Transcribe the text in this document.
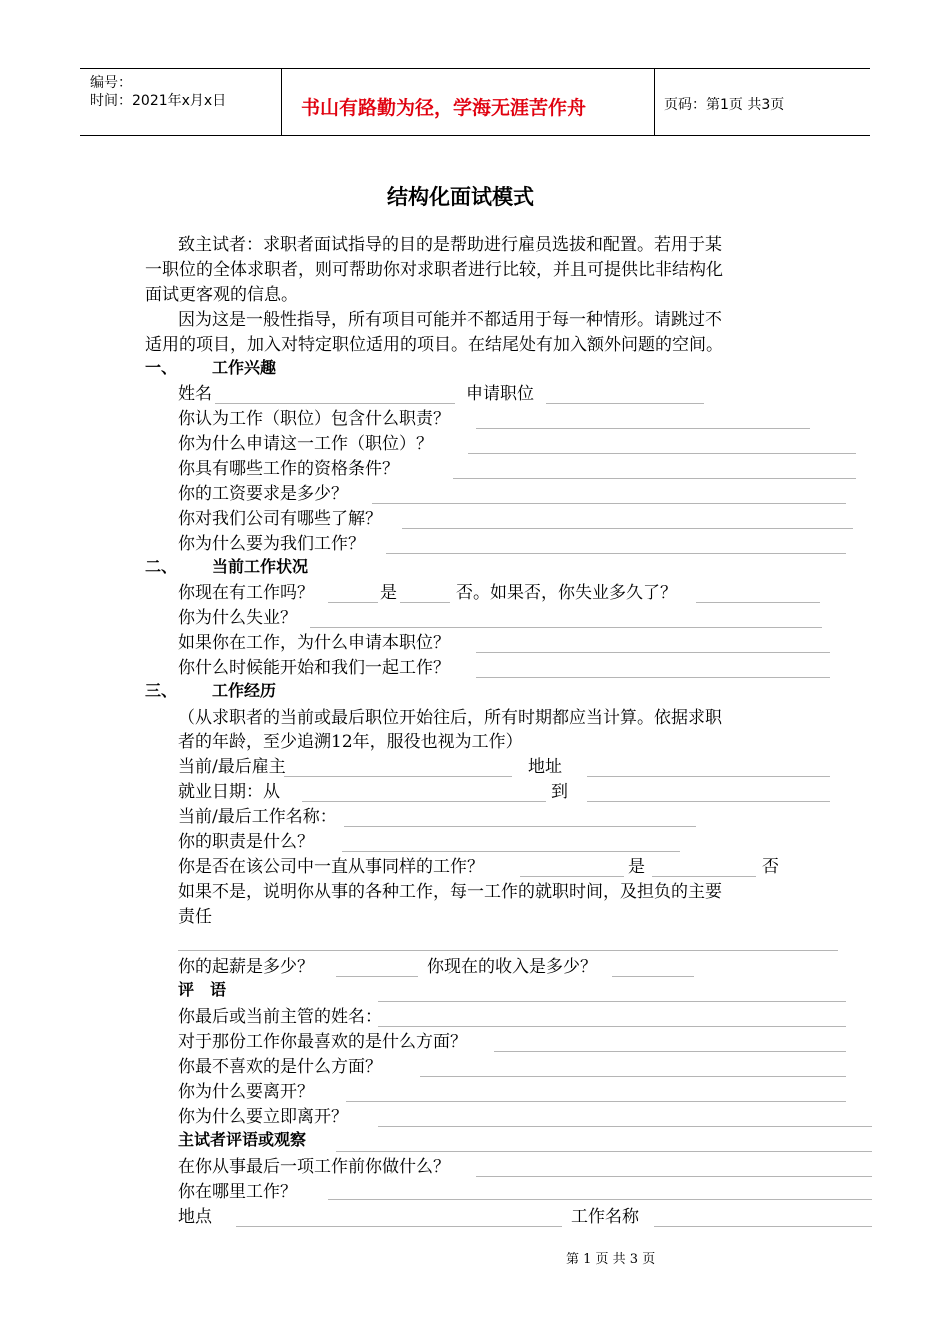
编号：
时间：2021年x月x日	书山有路勤为径，学海无涯苦作舟	页码：第1页 共3页
结构化面试模式
致主试者：求职者面试指导的目的是帮助进行雇员选拔和配置。若用于某
一职位的全体求职者，则可帮助你对求职者进行比较，并且可提供比非结构化
面试更客观的信息。
因为这是一般性指导，所有项目可能并不都适用于每一种情形。请跳过不
适用的项目，加入对特定职位适用的项目。在结尾处有加入额外问题的空间。
一、 工作兴趣
姓名	申请职位
你认为工作（职位）包含什么职责？
你为什么申请这一工作（职位）？
你具有哪些工作的资格条件？
你的工资要求是多少？
你对我们公司有哪些了解？
你为什么要为我们工作？
二、 当前工作状况
你现在有工作吗？	是	否。如果否，你失业多久了？
你为什么失业？
如果你在工作，为什么申请本职位？
你什么时候能开始和我们一起工作？
三、 工作经历
（从求职者的当前或最后职位开始往后，所有时期都应当计算。依据求职
者的年龄，至少追溯12年，服役也视为工作）
当前/最后雇主	地址
就业日期：从	到
当前/最后工作名称：
你的职责是什么？
你是否在该公司中一直从事同样的工作？	是	否
如果不是，说明你从事的各种工作，每一工作的就职时间，及担负的主要
责任
你的起薪是多少？	你现在的收入是多少？
评　语
你最后或当前主管的姓名：
对于那份工作你最喜欢的是什么方面？
你最不喜欢的是什么方面？
你为什么要离开？
你为什么要立即离开？
主试者评语或观察
在你从事最后一项工作前你做什么？
你在哪里工作？
地点	工作名称
第 1 页 共 3 页
